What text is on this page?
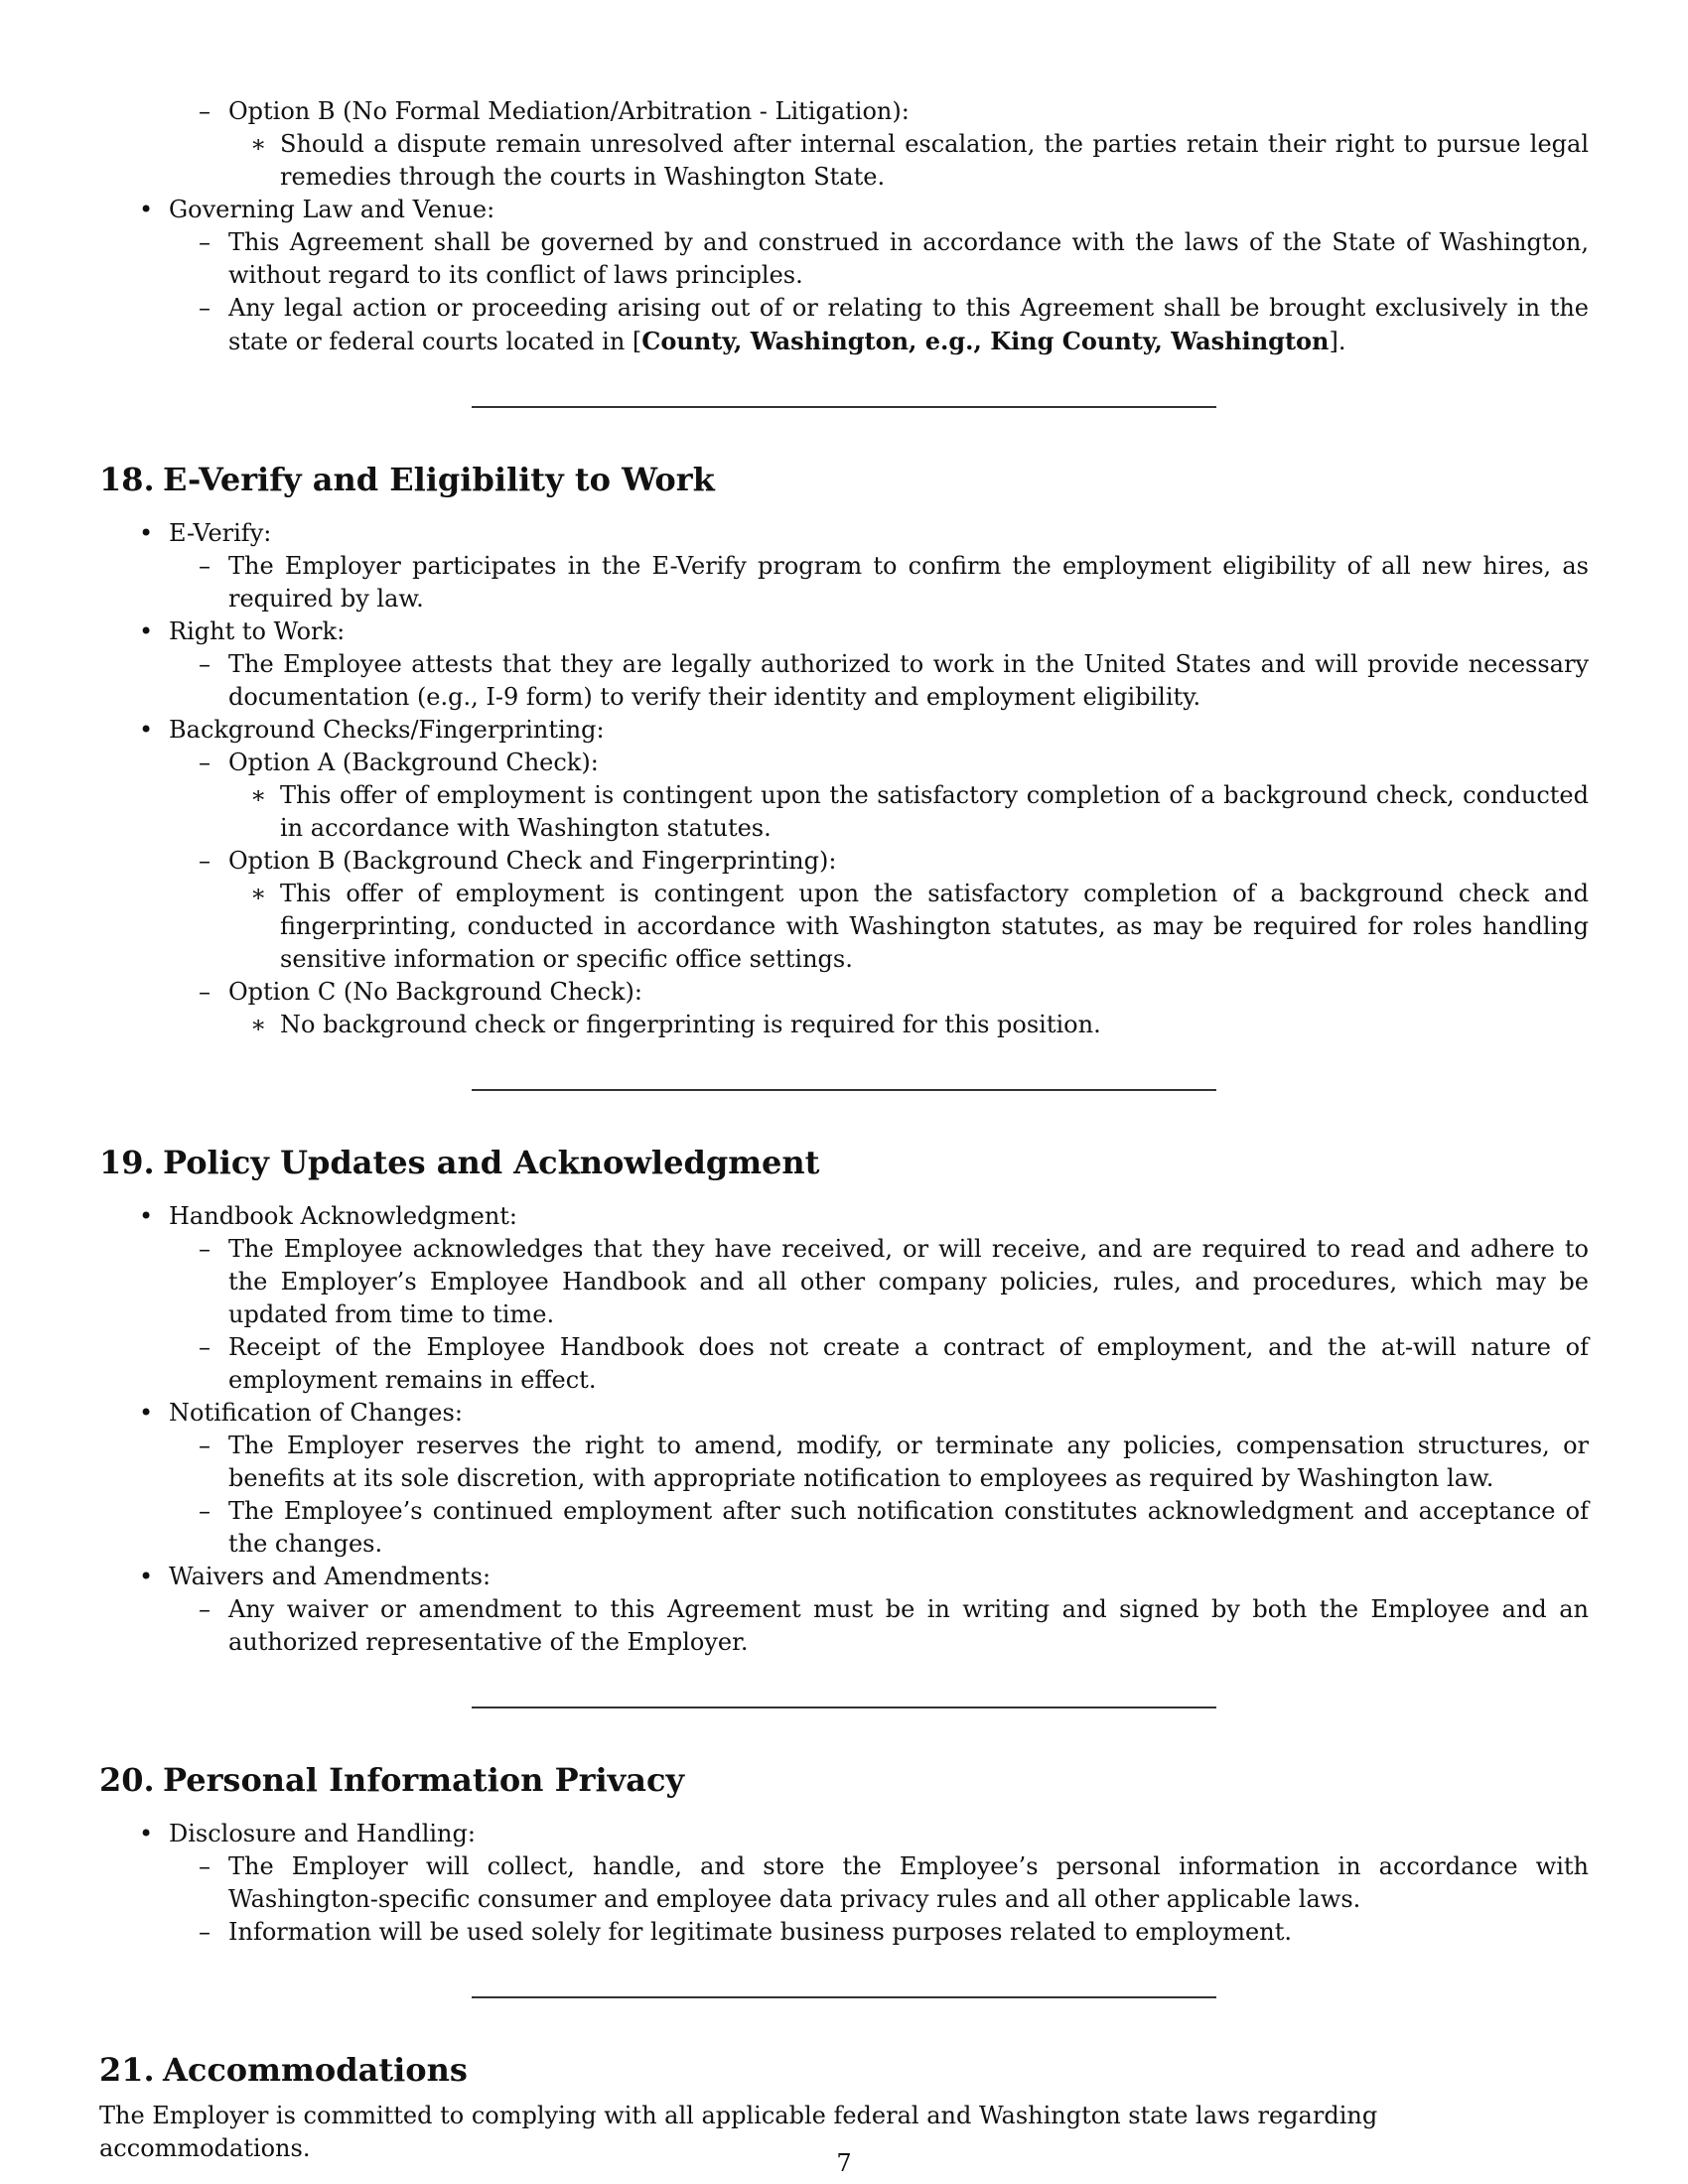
– Option B (No Formal Mediation/Arbitration - Litigation):
∗ Should a dispute remain unresolved after internal escalation, the parties retain their right to pursue legal remedies through the courts in Washington State.
• Governing Law and Venue:
– This Agreement shall be governed by and construed in accordance with the laws of the State of Washington, without regard to its conflict of laws principles.
– Any legal action or proceeding arising out of or relating to this Agreement shall be brought exclusively in the state or federal courts located in [County, Washington, e.g., King County, Washington].
18. E-Verify and Eligibility to Work
• E-Verify:
– The Employer participates in the E-Verify program to confirm the employment eligibility of all new hires, as required by law.
• Right to Work:
– The Employee attests that they are legally authorized to work in the United States and will provide necessary documentation (e.g., I-9 form) to verify their identity and employment eligibility.
• Background Checks/Fingerprinting:
– Option A (Background Check):
∗ This offer of employment is contingent upon the satisfactory completion of a background check, conducted in accordance with Washington statutes.
– Option B (Background Check and Fingerprinting):
∗ This offer of employment is contingent upon the satisfactory completion of a background check and fingerprinting, conducted in accordance with Washington statutes, as may be required for roles handling sensitive information or specific office settings.
– Option C (No Background Check):
∗ No background check or fingerprinting is required for this position.
19. Policy Updates and Acknowledgment
• Handbook Acknowledgment:
– The Employee acknowledges that they have received, or will receive, and are required to read and adhere to the Employer’s Employee Handbook and all other company policies, rules, and procedures, which may be updated from time to time.
– Receipt of the Employee Handbook does not create a contract of employment, and the at-will nature of employment remains in effect.
• Notification of Changes:
– The Employer reserves the right to amend, modify, or terminate any policies, compensation structures, or benefits at its sole discretion, with appropriate notification to employees as required by Washington law.
– The Employee’s continued employment after such notification constitutes acknowledgment and acceptance of the changes.
• Waivers and Amendments:
– Any waiver or amendment to this Agreement must be in writing and signed by both the Employee and an authorized representative of the Employer.
20. Personal Information Privacy
• Disclosure and Handling:
– The Employer will collect, handle, and store the Employee’s personal information in accordance with Washington-specific consumer and employee data privacy rules and all other applicable laws.
– Information will be used solely for legitimate business purposes related to employment.
21. Accommodations
The Employer is committed to complying with all applicable federal and Washington state laws regarding accommodations.
7
